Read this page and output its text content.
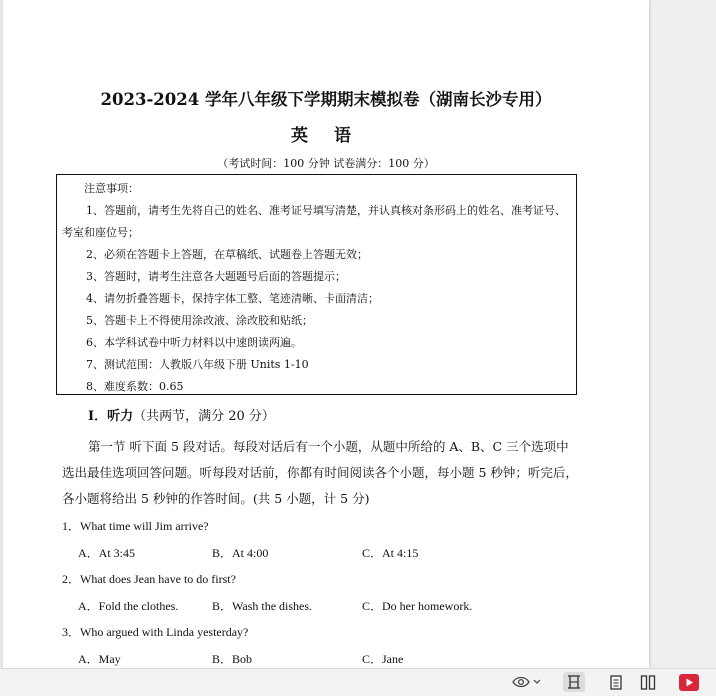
2023-2024 学年八年级下学期期末模拟卷（湖南长沙专用）
英 语
（考试时间：100 分钟 试卷满分：100 分）
注意事项：
1、答题前，请考生先将自己的姓名、准考证号填写清楚，并认真核对条形码上的姓名、准考证号、
考室和座位号；
2、必须在答题卡上答题，在草稿纸、试题卷上答题无效；
3、答题时，请考生注意各大题题号后面的答题提示；
4、请勿折叠答题卡，保持字体工整、笔迹清晰、卡面清洁；
5、答题卡上不得使用涂改液、涂改胶和贴纸；
6、本学科试卷中听力材料以中速朗读两遍。
7、测试范围：人教版八年级下册 Units 1-10
8、难度系数：0.65
I．听力（共两节，满分 20 分）
第一节 听下面 5 段对话。每段对话后有一个小题，从题中所给的 A、B、C 三个选项中
选出最佳选项回答问题。听每段对话前，你都有时间阅读各个小题，每小题 5 秒钟；听完后，
各小题将给出 5 秒钟的作答时间。(共 5 小题，计 5 分)
1．What time will Jim arrive?
A．At 3:45	B．At 4:00	C．At 4:15
2．What does Jean have to do first?
A．Fold the clothes.	B．Wash the dishes.	C．Do her homework.
3．Who argued with Linda yesterday?
A．May	B．Bob	C．Jane
